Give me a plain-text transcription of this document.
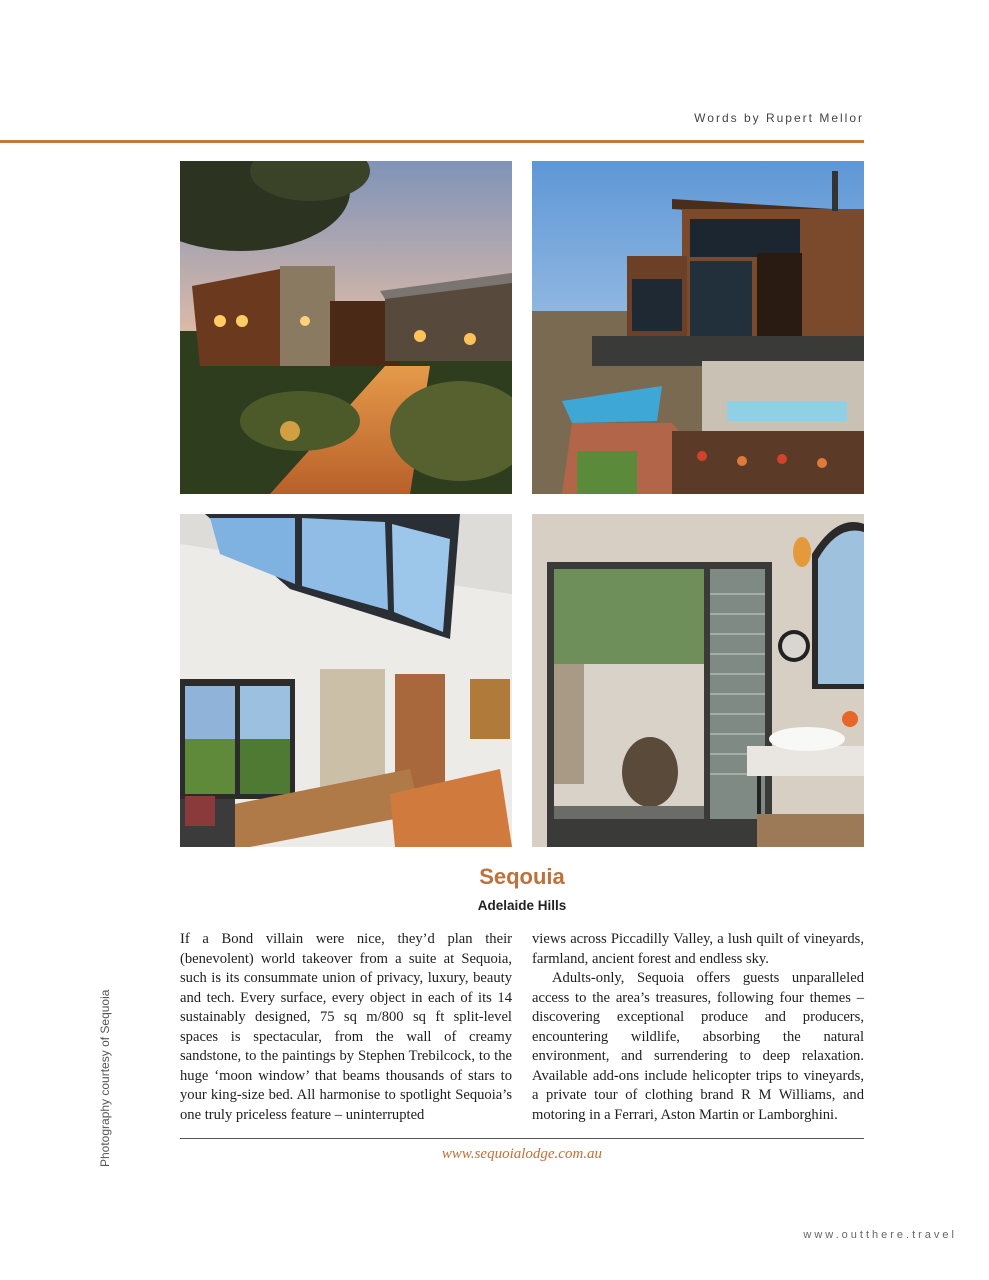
Words by Rupert Mellor
Photography courtesy of Sequoia
Seqouia
Adelaide Hills

If a Bond villain were nice, they’d plan their (benevolent) world takeover from a suite at Sequoia, such is its consummate union of privacy, luxury, beauty and tech. Every surface, every object in each of its 14 sustainably designed, 75 sq m/800 sq ft split-level spaces is spectacular, from the wall of creamy sandstone, to the paintings by Stephen Trebilcock, to the huge ‘moon window’ that beams thousands of stars to your king-size bed. All harmonise to spotlight Sequoia’s one truly priceless feature – uninterrupted

views across Piccadilly Valley, a lush quilt of vineyards, farmland, ancient forest and endless sky.

Adults-only, Sequoia offers guests unparalleled access to the area’s treasures, following four themes – discovering exceptional produce and producers, encountering wildlife, absorbing the natural environment, and surrendering to deep relaxation. Available add-ons include helicopter trips to vineyards, a private tour of clothing brand R M Williams, and motoring in a Ferrari, Aston Martin or Lamborghini.

www.sequoialodge.com.au
www.outthere.travel
